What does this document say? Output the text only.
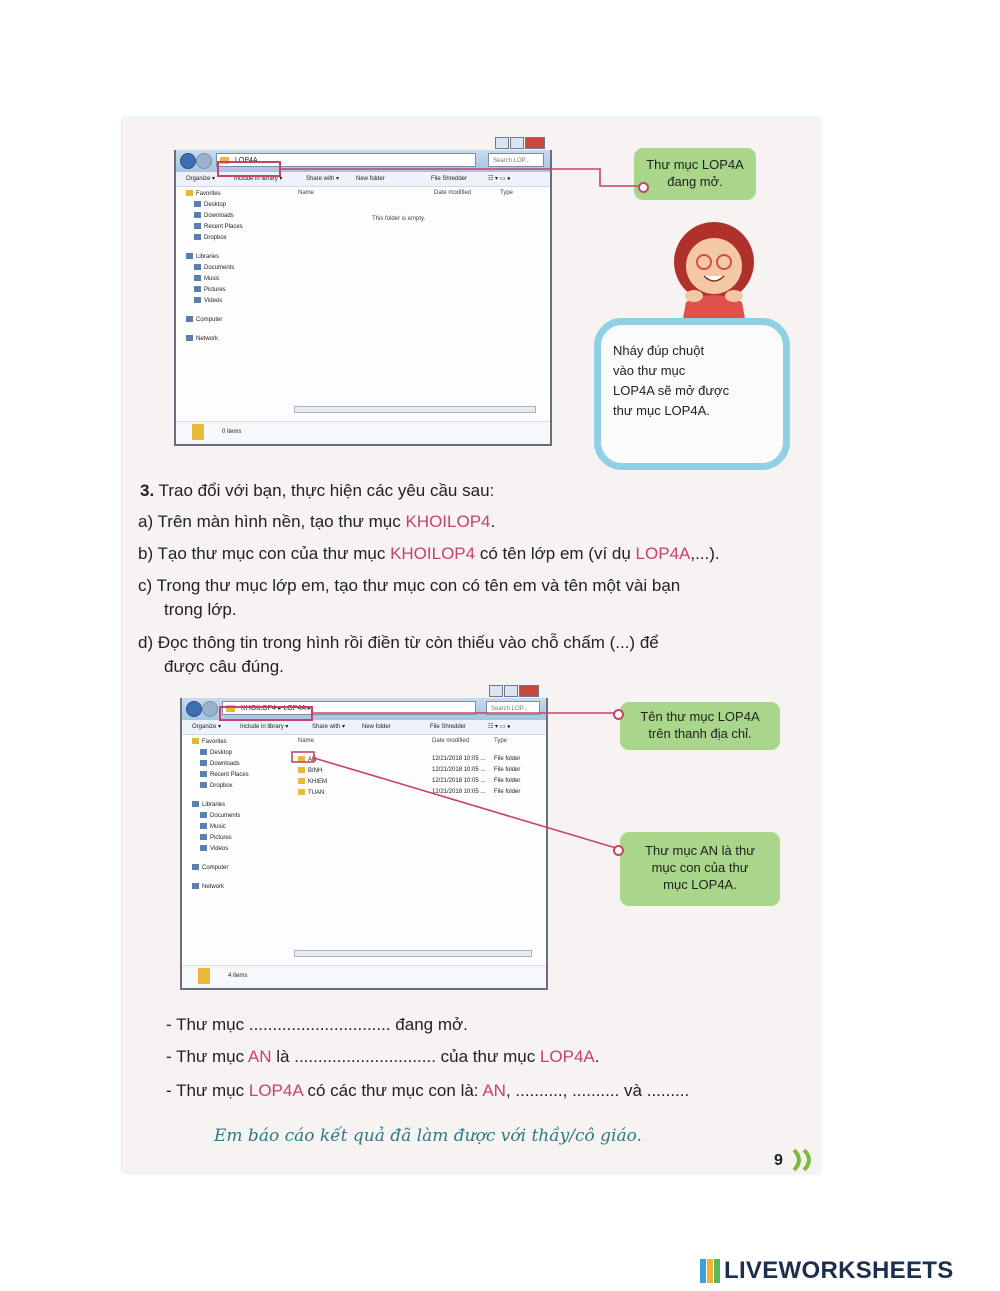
LOP4A	Search LOP...
Organize ▾	Include in library ▾	Share with ▾	New folder	File Shredder	☷ ▾ ▭ ●
Favorites
Desktop
Downloads
Recent Places
Dropbox
Libraries
Documents
Music
Pictures
Videos
Computer
Network
Name	Date modified	Type
This folder is empty.
0 items
Thư mục LOP4A
đang mở.
Nháy đúp chuột
vào thư mục
LOP4A sẽ mở được
thư mục LOP4A.
3. Trao đổi với bạn, thực hiện các yêu cầu sau:
a) Trên màn hình nền, tạo thư mục KHOILOP4.
b) Tạo thư mục con của thư mục KHOILOP4 có tên lớp em (ví dụ LOP4A,...).
c) Trong thư mục lớp em, tạo thư mục con có tên em và tên một vài bạn
trong lớp.
d) Đọc thông tin trong hình rồi điền từ còn thiếu vào chỗ chấm (...) để
được câu đúng.
KHOILOP4 ▸ LOP4A ▸	Search LOP...
Organize ▾	Include in library ▾	Share with ▾	New folder	File Shredder	☷ ▾ ▭ ●
Favorites
Desktop
Downloads
Recent Places
Dropbox
Libraries
Documents
Music
Pictures
Videos
Computer
Network
Name	Date modified	Type
AN	12/21/2018 10:05 ... File folder
BINH	12/21/2018 10:05 ... File folder
KHIEM	12/21/2018 10:05 ... File folder
TUAN	12/21/2018 10:05 ... File folder
4 items
Tên thư mục LOP4A
trên thanh địa chỉ.
Thư mục AN là thư
mục con của thư
mục LOP4A.
- Thư mục .............................. đang mở.
- Thư mục AN là .............................. của thư mục LOP4A.
- Thư mục LOP4A có các thư mục con là: AN, .........., .......... và .........
Em báo cáo kết quả đã làm được với thầy/cô giáo.
9
LIVEWORKSHEETS
